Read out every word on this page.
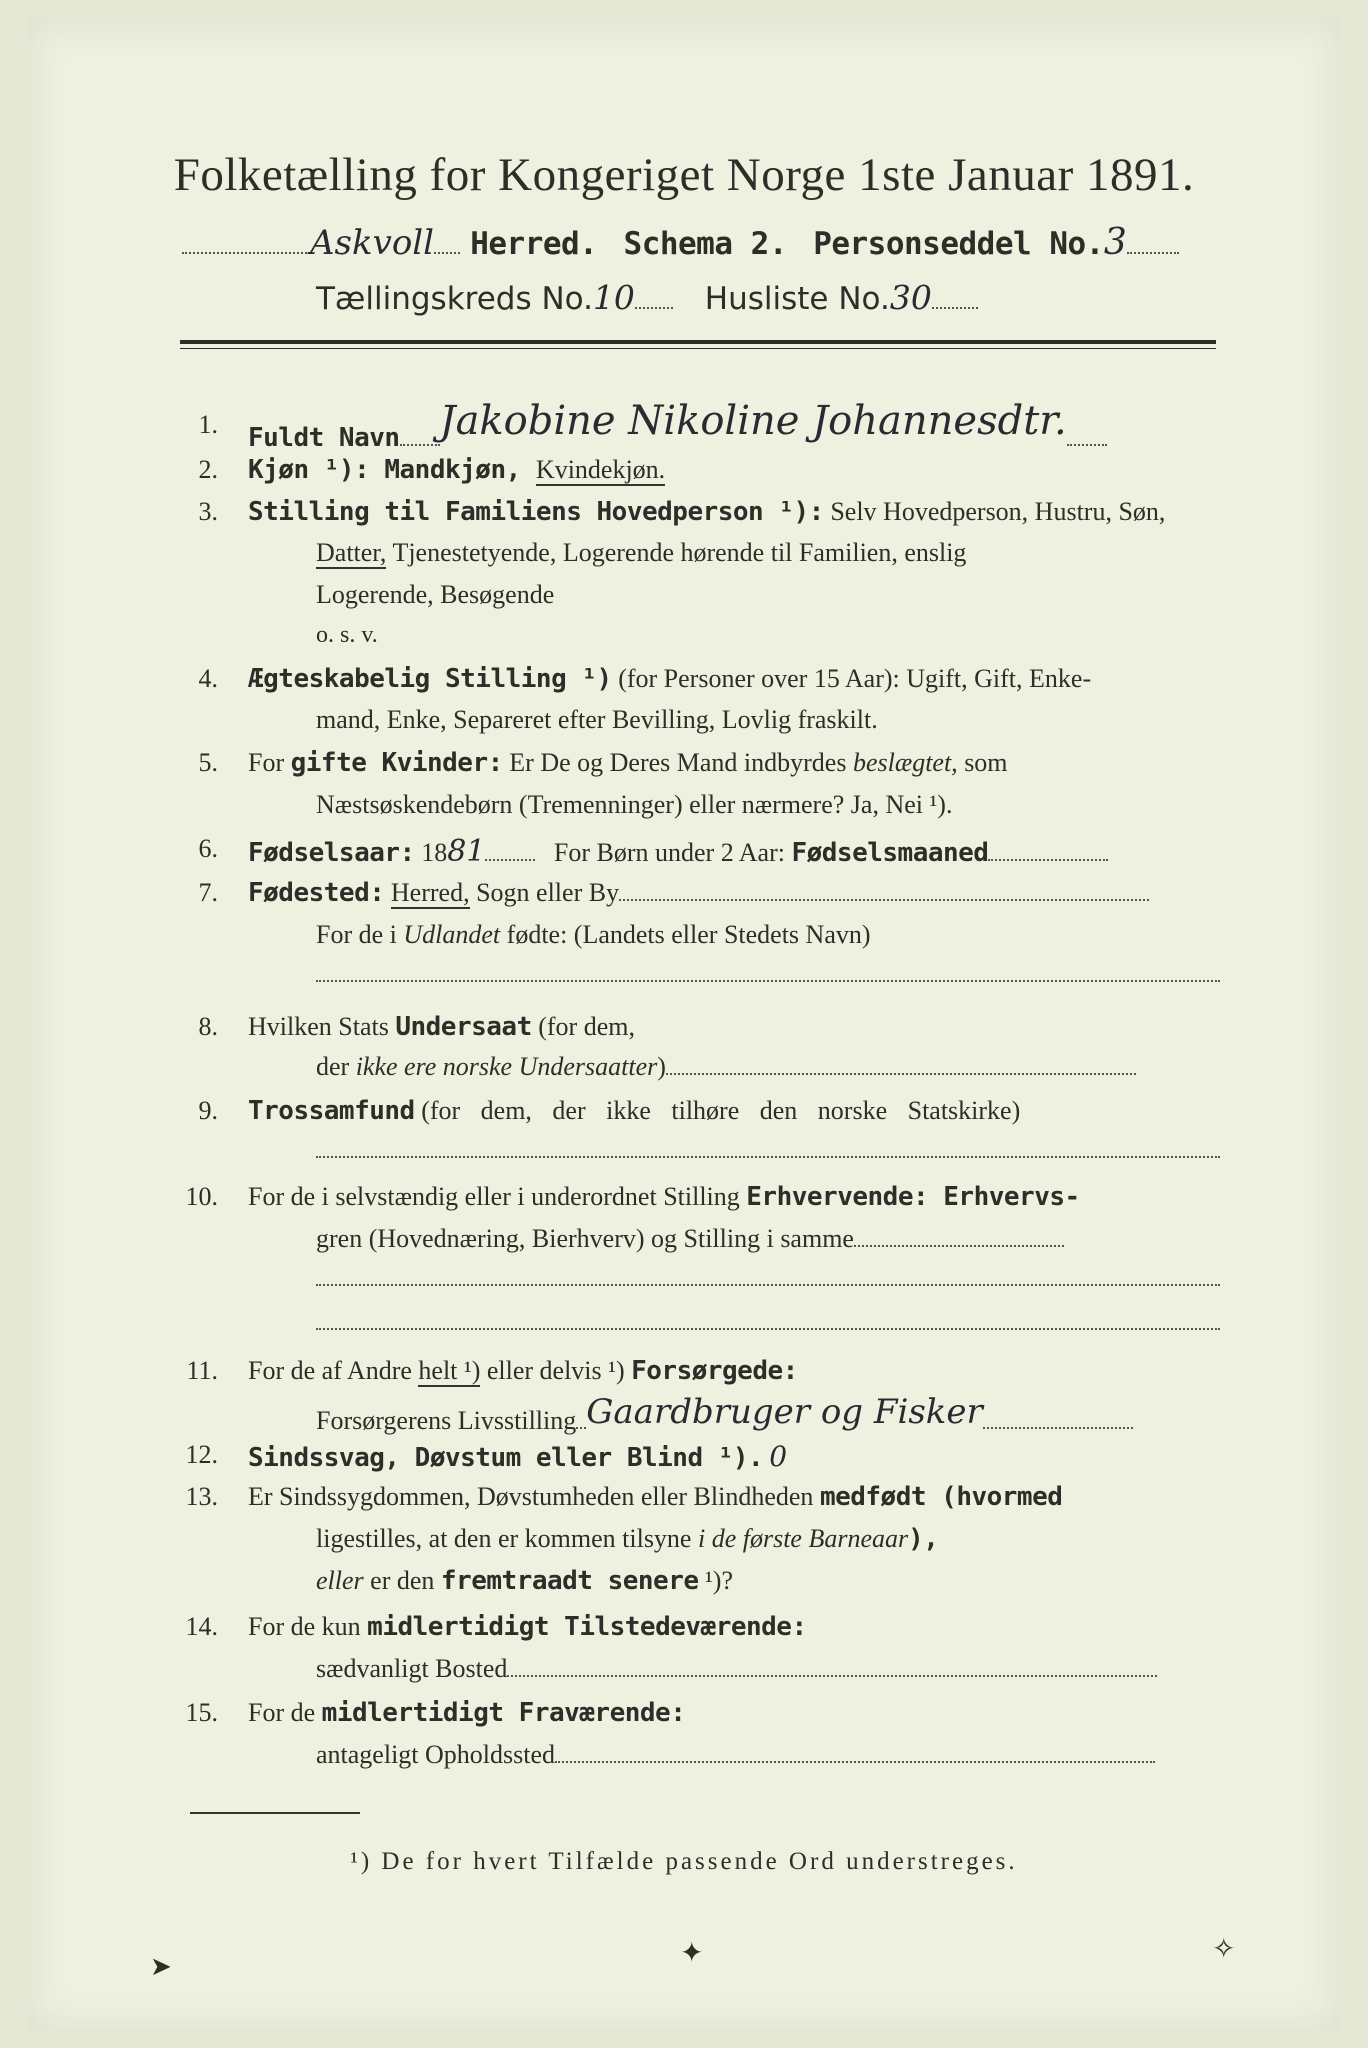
Folketælling for Kongeriget Norge 1ste Januar 1891.
Askvoll Herred. Schema 2. Personseddel No.3
Tællingskreds No.10 Husliste No.30
1. Fuldt Navn Jakobine Nikoline Johannesdtr.
2. Kjøn ¹): Mandkjøn, Kvindekjøn.
3. Stilling til Familiens Hovedperson ¹): Selv Hovedperson, Hustru, Søn,
Datter, Tjenestetyende, Logerende hørende til Familien, enslig
Logerende, Besøgende
o. s. v.
4. Ægteskabelig Stilling ¹) (for Personer over 15 Aar): Ugift, Gift, Enke-
mand, Enke, Separeret efter Bevilling, Lovlig fraskilt.
5. For gifte Kvinder: Er De og Deres Mand indbyrdes beslægtet, som
Næstsøskendebørn (Tremenninger) eller nærmere? Ja, Nei ¹).
6. Fødselsaar: 1881	For Børn under 2 Aar: Fødselsmaaned
7. Fødested: Herred, Sogn eller By
For de i Udlandet fødte: (Landets eller Stedets Navn)
8. Hvilken Stats Undersaat (for dem,
der ikke ere norske Undersaatter)
9. Trossamfund (for dem, der ikke tilhøre den norske Statskirke)
10. For de i selvstændig eller i underordnet Stilling Erhvervende: Erhvervs-
gren (Hovednæring, Bierhverv) og Stilling i samme
11. For de af Andre helt ¹) eller delvis ¹) Forsørgede:
Forsørgerens Livsstilling Gaardbruger og Fisker
12. Sindssvag, Døvstum eller Blind ¹). 0
13. Er Sindssygdommen, Døvstumheden eller Blindheden medfødt (hvormed
ligestilles, at den er kommen tilsyne i de første Barneaar),
eller er den fremtraadt senere ¹)?
14. For de kun midlertidigt Tilstedeværende:
sædvanligt Bosted
15. For de midlertidigt Fraværende:
antageligt Opholdssted
¹) De for hvert Tilfælde passende Ord understreges.
➤	✦	✧
